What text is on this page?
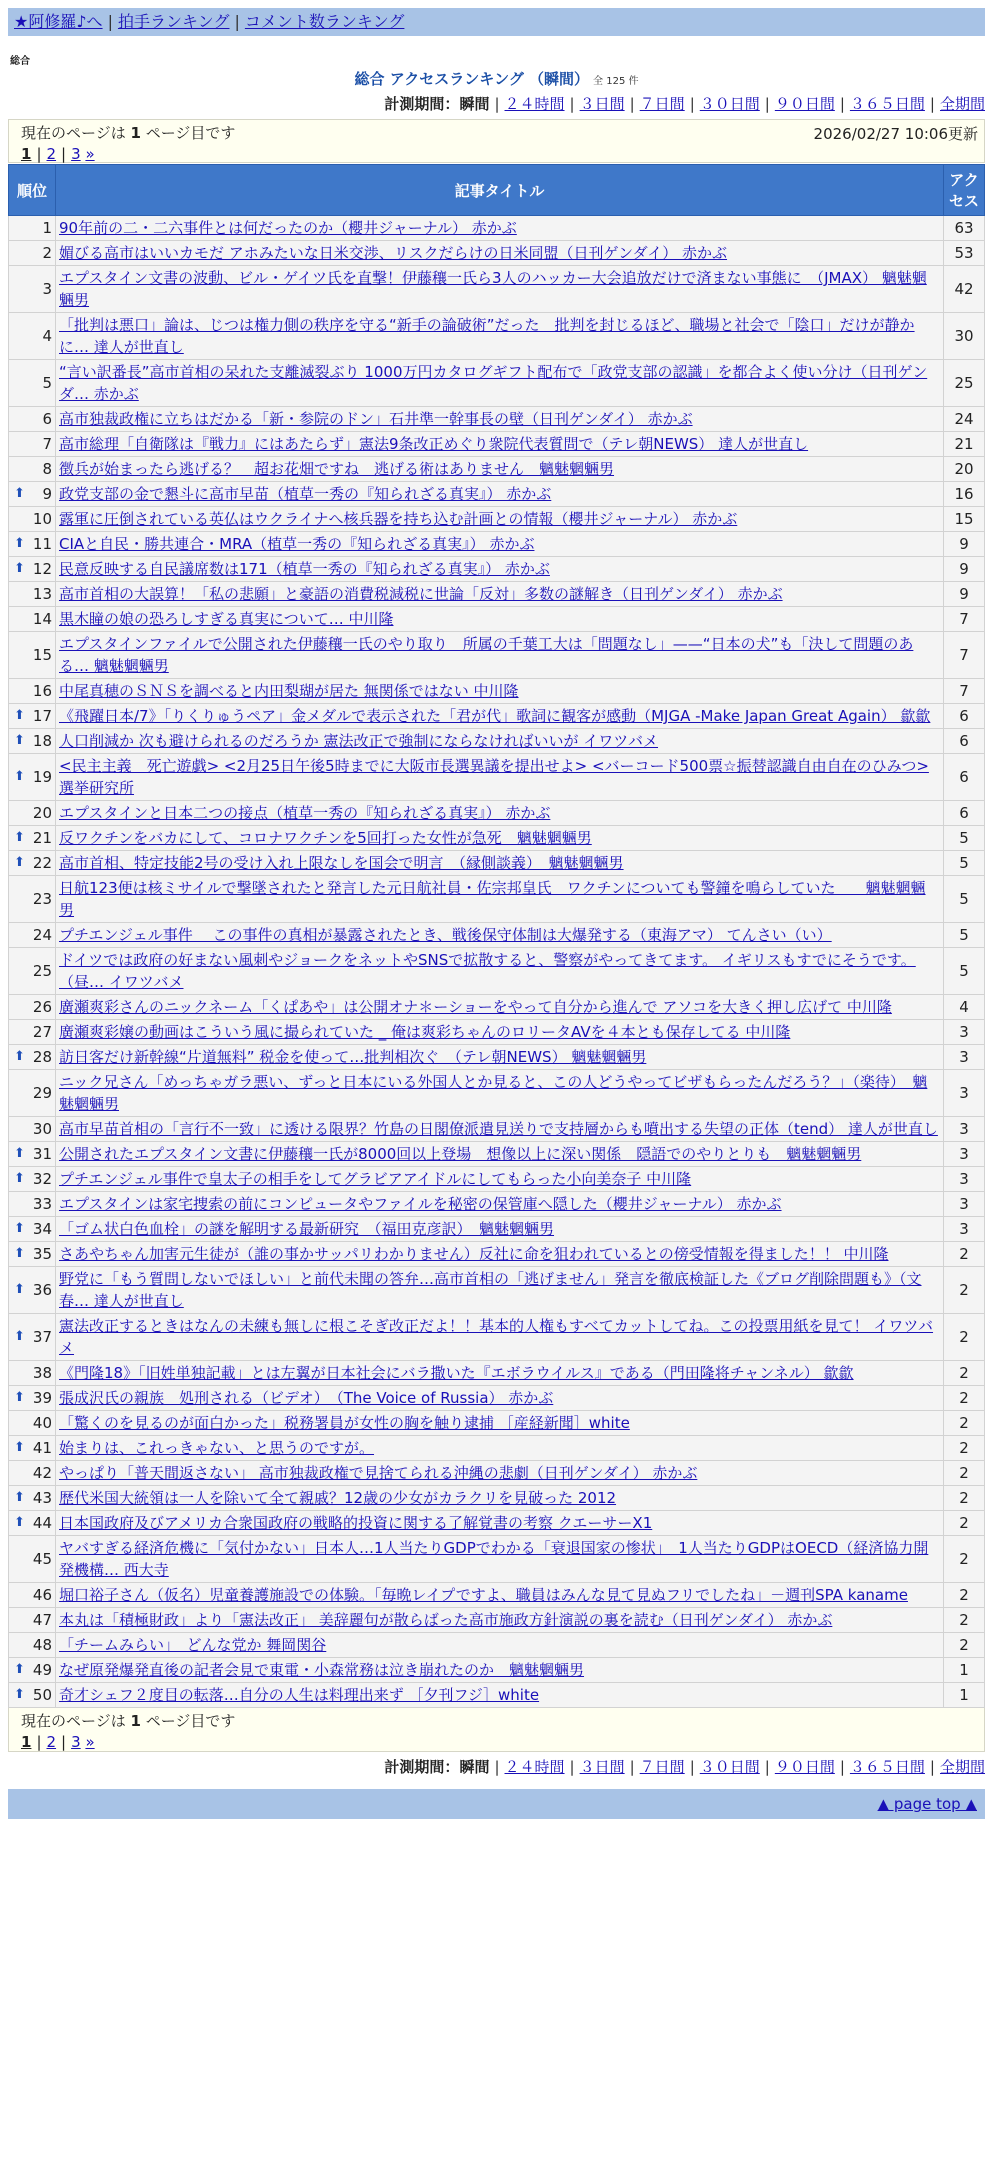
★阿修羅♪へ | 拍手ランキング | コメント数ランキング
総合
総合 アクセスランキング （瞬間） 全 125 件
計測期間：瞬間 | ２４時間 | ３日間 | ７日間 | ３０日間 | ９０日間 | ３６５日間 | 全期間
現在のページは 1 ページ目です	2026/02/27 10:06更新
1 | 2 | 3 »
順位	記事タイトル	アクセス
1	90年前の二・二六事件とは何だったのか（櫻井ジャーナル） 赤かぶ	63
2	媚びる高市はいいカモだ アホみたいな日米交渉、リスクだらけの日米同盟（日刊ゲンダイ） 赤かぶ	53
3	エプスタイン文書の波動、ビル・ゲイツ氏を直撃！伊藤穰一氏ら3人のハッカー大会追放だけで済まない事態に　（JMAX） 魑魅魍魎男	42
4	「批判は悪口」論は、じつは権力側の秩序を守る“新手の論破術”だった　批判を封じるほど、職場と社会で「陰口」だけが静かに… 達人が世直し	30
5	“言い訳番長”高市首相の呆れた支離滅裂ぶり 1000万円カタログギフト配布で「政党支部の認識」を都合よく使い分け（日刊ゲンダ… 赤かぶ	25
6	高市独裁政権に立ちはだかる「新・参院のドン」石井準一幹事長の壁（日刊ゲンダイ） 赤かぶ	24
7	高市総理「自衛隊は『戦力』にはあたらず」憲法9条改正めぐり衆院代表質問で（テレ朝NEWS） 達人が世直し	21
8	徴兵が始まったら逃げる？　超お花畑ですね　逃げる術はありません　魑魅魍魎男	20

⬆ 9	政党支部の金で懇斗に高市早苗（植草一秀の『知られざる真実』） 赤かぶ	16
10	露軍に圧倒されている英仏はウクライナへ核兵器を持ち込む計画との情報（櫻井ジャーナル） 赤かぶ	15

⬆ 11	CIAと自民・勝共連合・MRA（植草一秀の『知られざる真実』） 赤かぶ	9

⬆ 12	民意反映する自民議席数は171（植草一秀の『知られざる真実』） 赤かぶ	9
13	高市首相の大誤算！「私の悲願」と豪語の消費税減税に世論「反対」多数の謎解き（日刊ゲンダイ） 赤かぶ	9
14	黒木瞳の娘の恐ろしすぎる真実について… 中川隆	7
15	エプスタインファイルで公開された伊藤穰一氏のやり取り　所属の千葉工大は「問題なし」——“日本の犬”も「決して問題のある… 魑魅魍魎男	7
16	中尾真穂のＳＮＳを調べると内田梨瑚が居た 無関係ではない 中川隆	7

⬆ 17	《飛躍日本/7》「りくりゅうペア」金メダルで表示された「君が代」歌詞に観客が感動（MJGA -Make Japan Great Again） 歙歙	6

⬆ 18	人口削減か 次も避けられるのだろうか 憲法改正で強制にならなければいいが イワツバメ	6

⬆ 19	<民主主義　死亡遊戯> <2月25日午後5時までに大阪市長選異議を提出せよ> <バーコード500票☆振替認識自由自在のひみつ> 選挙研究所	6
20	エプスタインと日本二つの接点（植草一秀の『知られざる真実』） 赤かぶ	6

⬆ 21	反ワクチンをバカにして、コロナワクチンを5回打った女性が急死　魑魅魍魎男	5

⬆ 22	高市首相、特定技能2号の受け入れ上限なしを国会で明言　（縁側談義）　魑魅魍魎男	5
23	日航123便は核ミサイルで撃墜されたと発言した元日航社員・佐宗邦皇氏　ワクチンについても警鐘を鳴らしていた　　魑魅魍魎男	5
24	プチエンジェル事件　 この事件の真相が暴露されたとき、戦後保守体制は大爆発する（東海アマ） てんさい（い）	5
25	ドイツでは政府の好まない風刺やジョークをネットやSNSで拡散すると、警察がやってきてます。 イギリスもすでにそうです。（昼… イワツバメ	5
26	廣瀬爽彩さんのニックネーム「くぱあや」は公開オナ＊ーショーをやって自分から進んで アソコを大きく押し広げて 中川隆	4
27	廣瀬爽彩嬢の動画はこういう風に撮られていた _ 俺は爽彩ちゃんのロリータAVを４本とも保存してる 中川隆	3

⬆ 28	訪日客だけ新幹線“片道無料” 税金を使って…批判相次ぐ　（テレ朝NEWS） 魑魅魍魎男	3
29	ニック兄さん「めっちゃガラ悪い、ずっと日本にいる外国人とか見ると、この人どうやってビザもらったんだろう？」（楽待）　魑魅魍魎男	3
30	高市早苗首相の「言行不一致」に透ける限界？竹島の日閣僚派遣見送りで支持層からも噴出する失望の正体（tend） 達人が世直し	3

⬆ 31	公開されたエプスタイン文書に伊藤穰一氏が8000回以上登場　想像以上に深い関係　隠語でのやりとりも　魑魅魍魎男	3

⬆ 32	プチエンジェル事件で皇太子の相手をしてグラビアアイドルにしてもらった小向美奈子 中川隆	3
33	エプスタインは家宅捜索の前にコンピュータやファイルを秘密の保管庫へ隠した（櫻井ジャーナル） 赤かぶ	3

⬆ 34	「ゴム状白色血栓」の謎を解明する最新研究　（福田克彦訳）　魑魅魍魎男	3

⬆ 35	さあやちゃん加害元生徒が（誰の事かサッパリわかりません）反社に命を狙われているとの傍受情報を得ました！！ 中川隆	2

⬆ 36	野党に「もう質問しないでほしい」と前代未聞の答弁…高市首相の「逃げません」発言を徹底検証した《ブログ削除問題も》（文春… 達人が世直し	2

⬆ 37	憲法改正するときはなんの未練も無しに根こそぎ改正だよ！！基本的人権もすべてカットしてね。この投票用紙を見て！ イワツバメ	2
38	《門隆18》「旧姓単独記載」とは左翼が日本社会にバラ撒いた『エボラウイルス』である（門田隆将チャンネル） 歙歙	2

⬆ 39	張成沢氏の親族　処刑される（ビデオ）　（The Voice of Russia） 赤かぶ	2
40	「驚くのを見るのが面白かった」税務署員が女性の胸を触り逮捕 ［産経新聞］white	2

⬆ 41	始まりは、これっきゃない、と思うのですが。	2
42	やっぱり「普天間返さない」 高市独裁政権で見捨てられる沖縄の悲劇（日刊ゲンダイ） 赤かぶ	2

⬆ 43	歴代米国大統領は一人を除いて全て親戚？12歳の少女がカラクリを見破った 2012	2

⬆ 44	日本国政府及びアメリカ合衆国政府の戦略的投資に関する了解覚書の考察 クエーサーX1	2
45	ヤバすぎる経済危機に「気付かない」日本人…1人当たりGDPでわかる「衰退国家の惨状」　1人当たりGDPはOECD（経済協力開発機構… 西大寺	2
46	堀口裕子さん（仮名）児童養護施設での体験。「毎晩レイプですよ、職員はみんな見て見ぬフリでしたね」－週刊SPA kaname	2
47	本丸は「積極財政」より「憲法改正」 美辞麗句が散らばった高市施政方針演説の裏を読む（日刊ゲンダイ） 赤かぶ	2
48	「チームみらい」　どんな党か 舞岡関谷	2

⬆ 49	なぜ原発爆発直後の記者会見で東電・小森常務は泣き崩れたのか　魑魅魍魎男	1

⬆ 50	奇才シェフ２度目の転落…自分の人生は料理出来ず ［夕刊フジ］white	1
現在のページは 1 ページ目です
1 | 2 | 3 »
計測期間：瞬間 | ２４時間 | ３日間 | ７日間 | ３０日間 | ９０日間 | ３６５日間 | 全期間
▲ page top ▲
